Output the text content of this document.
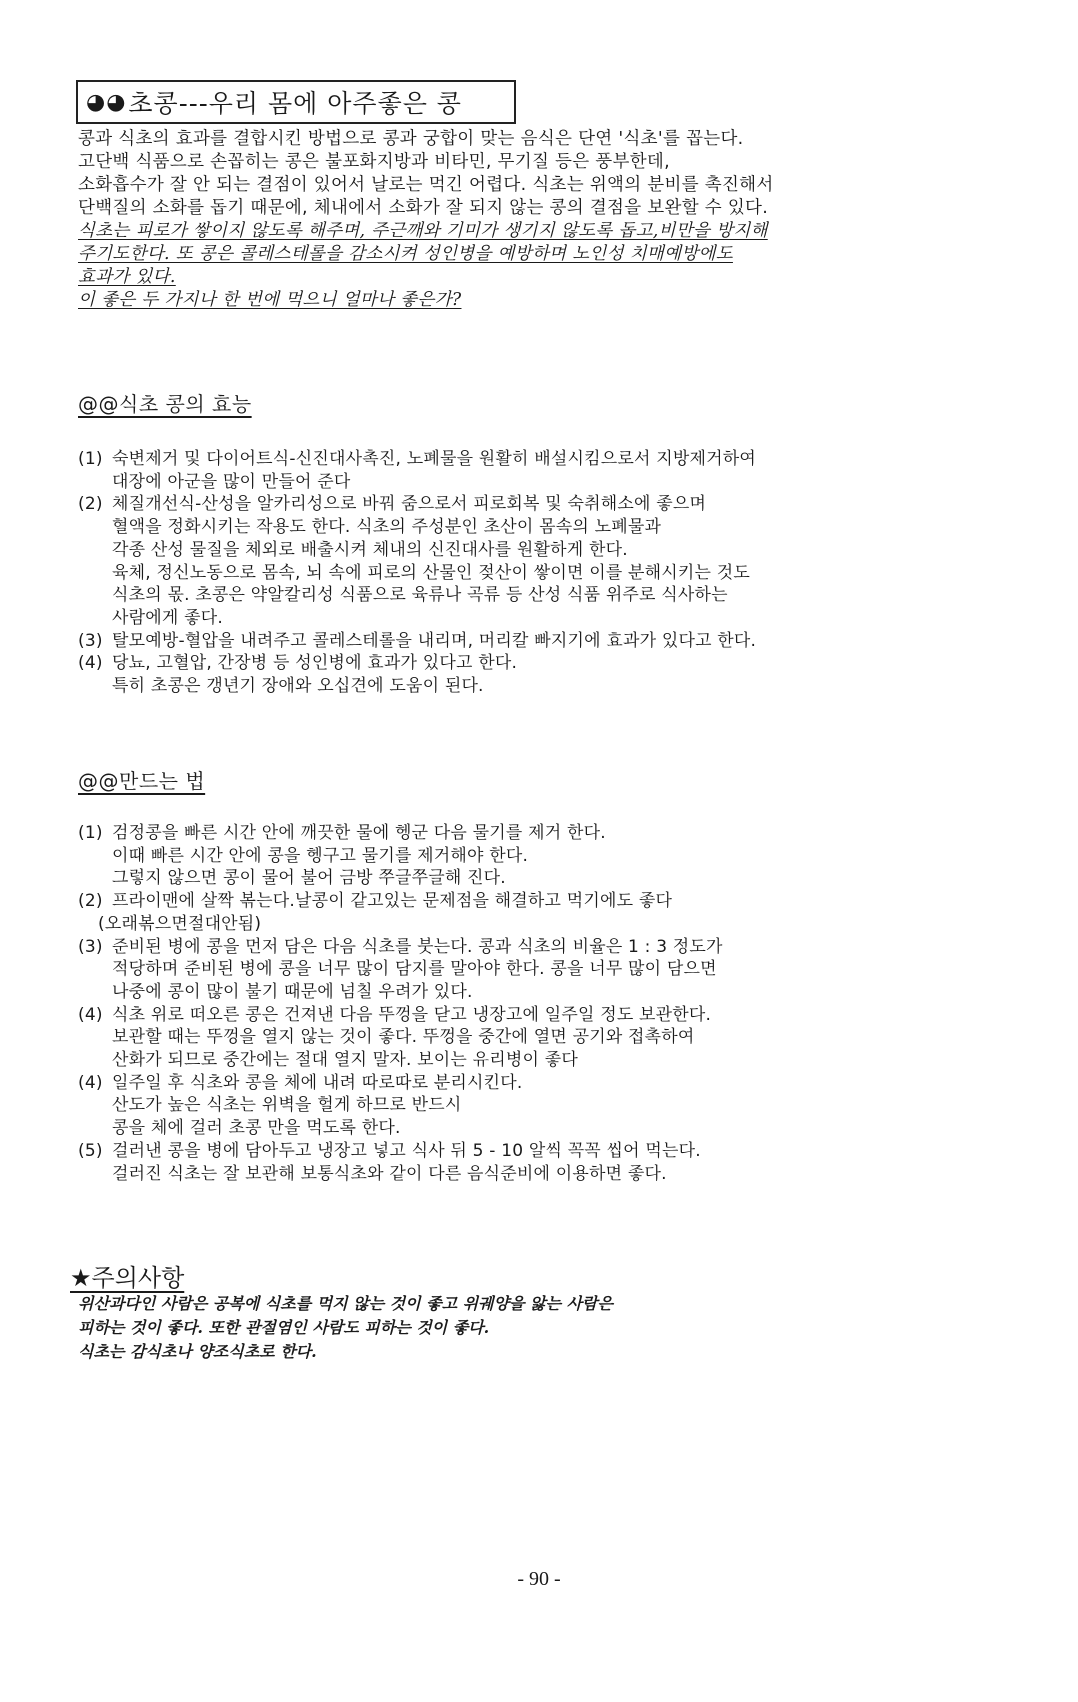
◕◕ 초콩---우리 몸에 아주좋은 콩
콩과 식초의 효과를 결합시킨 방법으로 콩과 궁합이 맞는 음식은 단연 '식초'를 꼽는다.
고단백 식품으로 손꼽히는 콩은 불포화지방과 비타민, 무기질 등은 풍부한데,
소화흡수가 잘 안 되는 결점이 있어서 날로는 먹긴 어렵다. 식초는 위액의 분비를 촉진해서
단백질의 소화를 돕기 때문에, 체내에서 소화가 잘 되지 않는 콩의 결점을 보완할 수 있다.
식초는 피로가 쌓이지 않도록 해주며, 주근깨와 기미가 생기지 않도록 돕고,비만을 방지해
주기도한다. 또 콩은 콜레스테롤을 감소시켜 성인병을 예방하며 노인성 치매예방에도
효과가 있다.
이 좋은 두 가지나 한 번에 먹으니 얼마나 좋은가?
@@식초 콩의 효능
(1) 숙변제거 및 다이어트식-신진대사촉진, 노폐물을 원활히 배설시킴으로서 지방제거하여
대장에 아군을 많이 만들어 준다
(2) 체질개선식-산성을 알카리성으로 바꿔 줌으로서 피로회복 및 숙취해소에 좋으며
혈액을 정화시키는 작용도 한다. 식초의 주성분인 초산이 몸속의 노폐물과
각종 산성 물질을 체외로 배출시켜 체내의 신진대사를 원활하게 한다.
육체, 정신노동으로 몸속, 뇌 속에 피로의 산물인 젖산이 쌓이면 이를 분해시키는 것도
식초의 몫. 초콩은 약알칼리성 식품으로 육류나 곡류 등 산성 식품 위주로 식사하는
사람에게 좋다.
(3) 탈모예방-혈압을 내려주고 콜레스테롤을 내리며, 머리칼 빠지기에 효과가 있다고 한다.
(4) 당뇨, 고혈압, 간장병 등 성인병에 효과가 있다고 한다.
특히 초콩은 갱년기 장애와 오십견에 도움이 된다.
@@만드는 법
(1) 검정콩을 빠른 시간 안에 깨끗한 물에 헹군 다음 물기를 제거 한다.
이때 빠른 시간 안에 콩을 헹구고 물기를 제거해야 한다.
그렇지 않으면 콩이 물어 불어 금방 쭈글쭈글해 진다.
(2) 프라이맨에 살짝 볶는다.날콩이 같고있는 문제점을 해결하고 먹기에도 좋다
(오래볶으면절대안됨)
(3) 준비된 병에 콩을 먼저 담은 다음 식초를 붓는다. 콩과 식초의 비율은 1 : 3 정도가
적당하며 준비된 병에 콩을 너무 많이 담지를 말아야 한다. 콩을 너무 많이 담으면
나중에 콩이 많이 불기 때문에 넘칠 우려가 있다.
(4) 식초 위로 떠오른 콩은 건져낸 다음 뚜껑을 닫고 냉장고에 일주일 정도 보관한다.
보관할 때는 뚜껑을 열지 않는 것이 좋다. 뚜껑을 중간에 열면 공기와 접촉하여
산화가 되므로 중간에는 절대 열지 말자. 보이는 유리병이 좋다
(4) 일주일 후 식초와 콩을 체에 내려 따로따로 분리시킨다.
산도가 높은 식초는 위벽을 헐게 하므로 반드시
콩을 체에 걸러 초콩 만을 먹도록 한다.
(5) 걸러낸 콩을 병에 담아두고 냉장고 넣고 식사 뒤 5 - 10 알씩 꼭꼭 씹어 먹는다.
걸러진 식초는 잘 보관해 보통식초와 같이 다른 음식준비에 이용하면 좋다.
★주의사항
위산과다인 사람은 공복에 식초를 먹지 않는 것이 좋고 위궤양을 앓는 사람은
피하는 것이 좋다. 또한 관절염인 사람도 피하는 것이 좋다.
식초는 감식초나 양조식초로 한다.
- 90 -
